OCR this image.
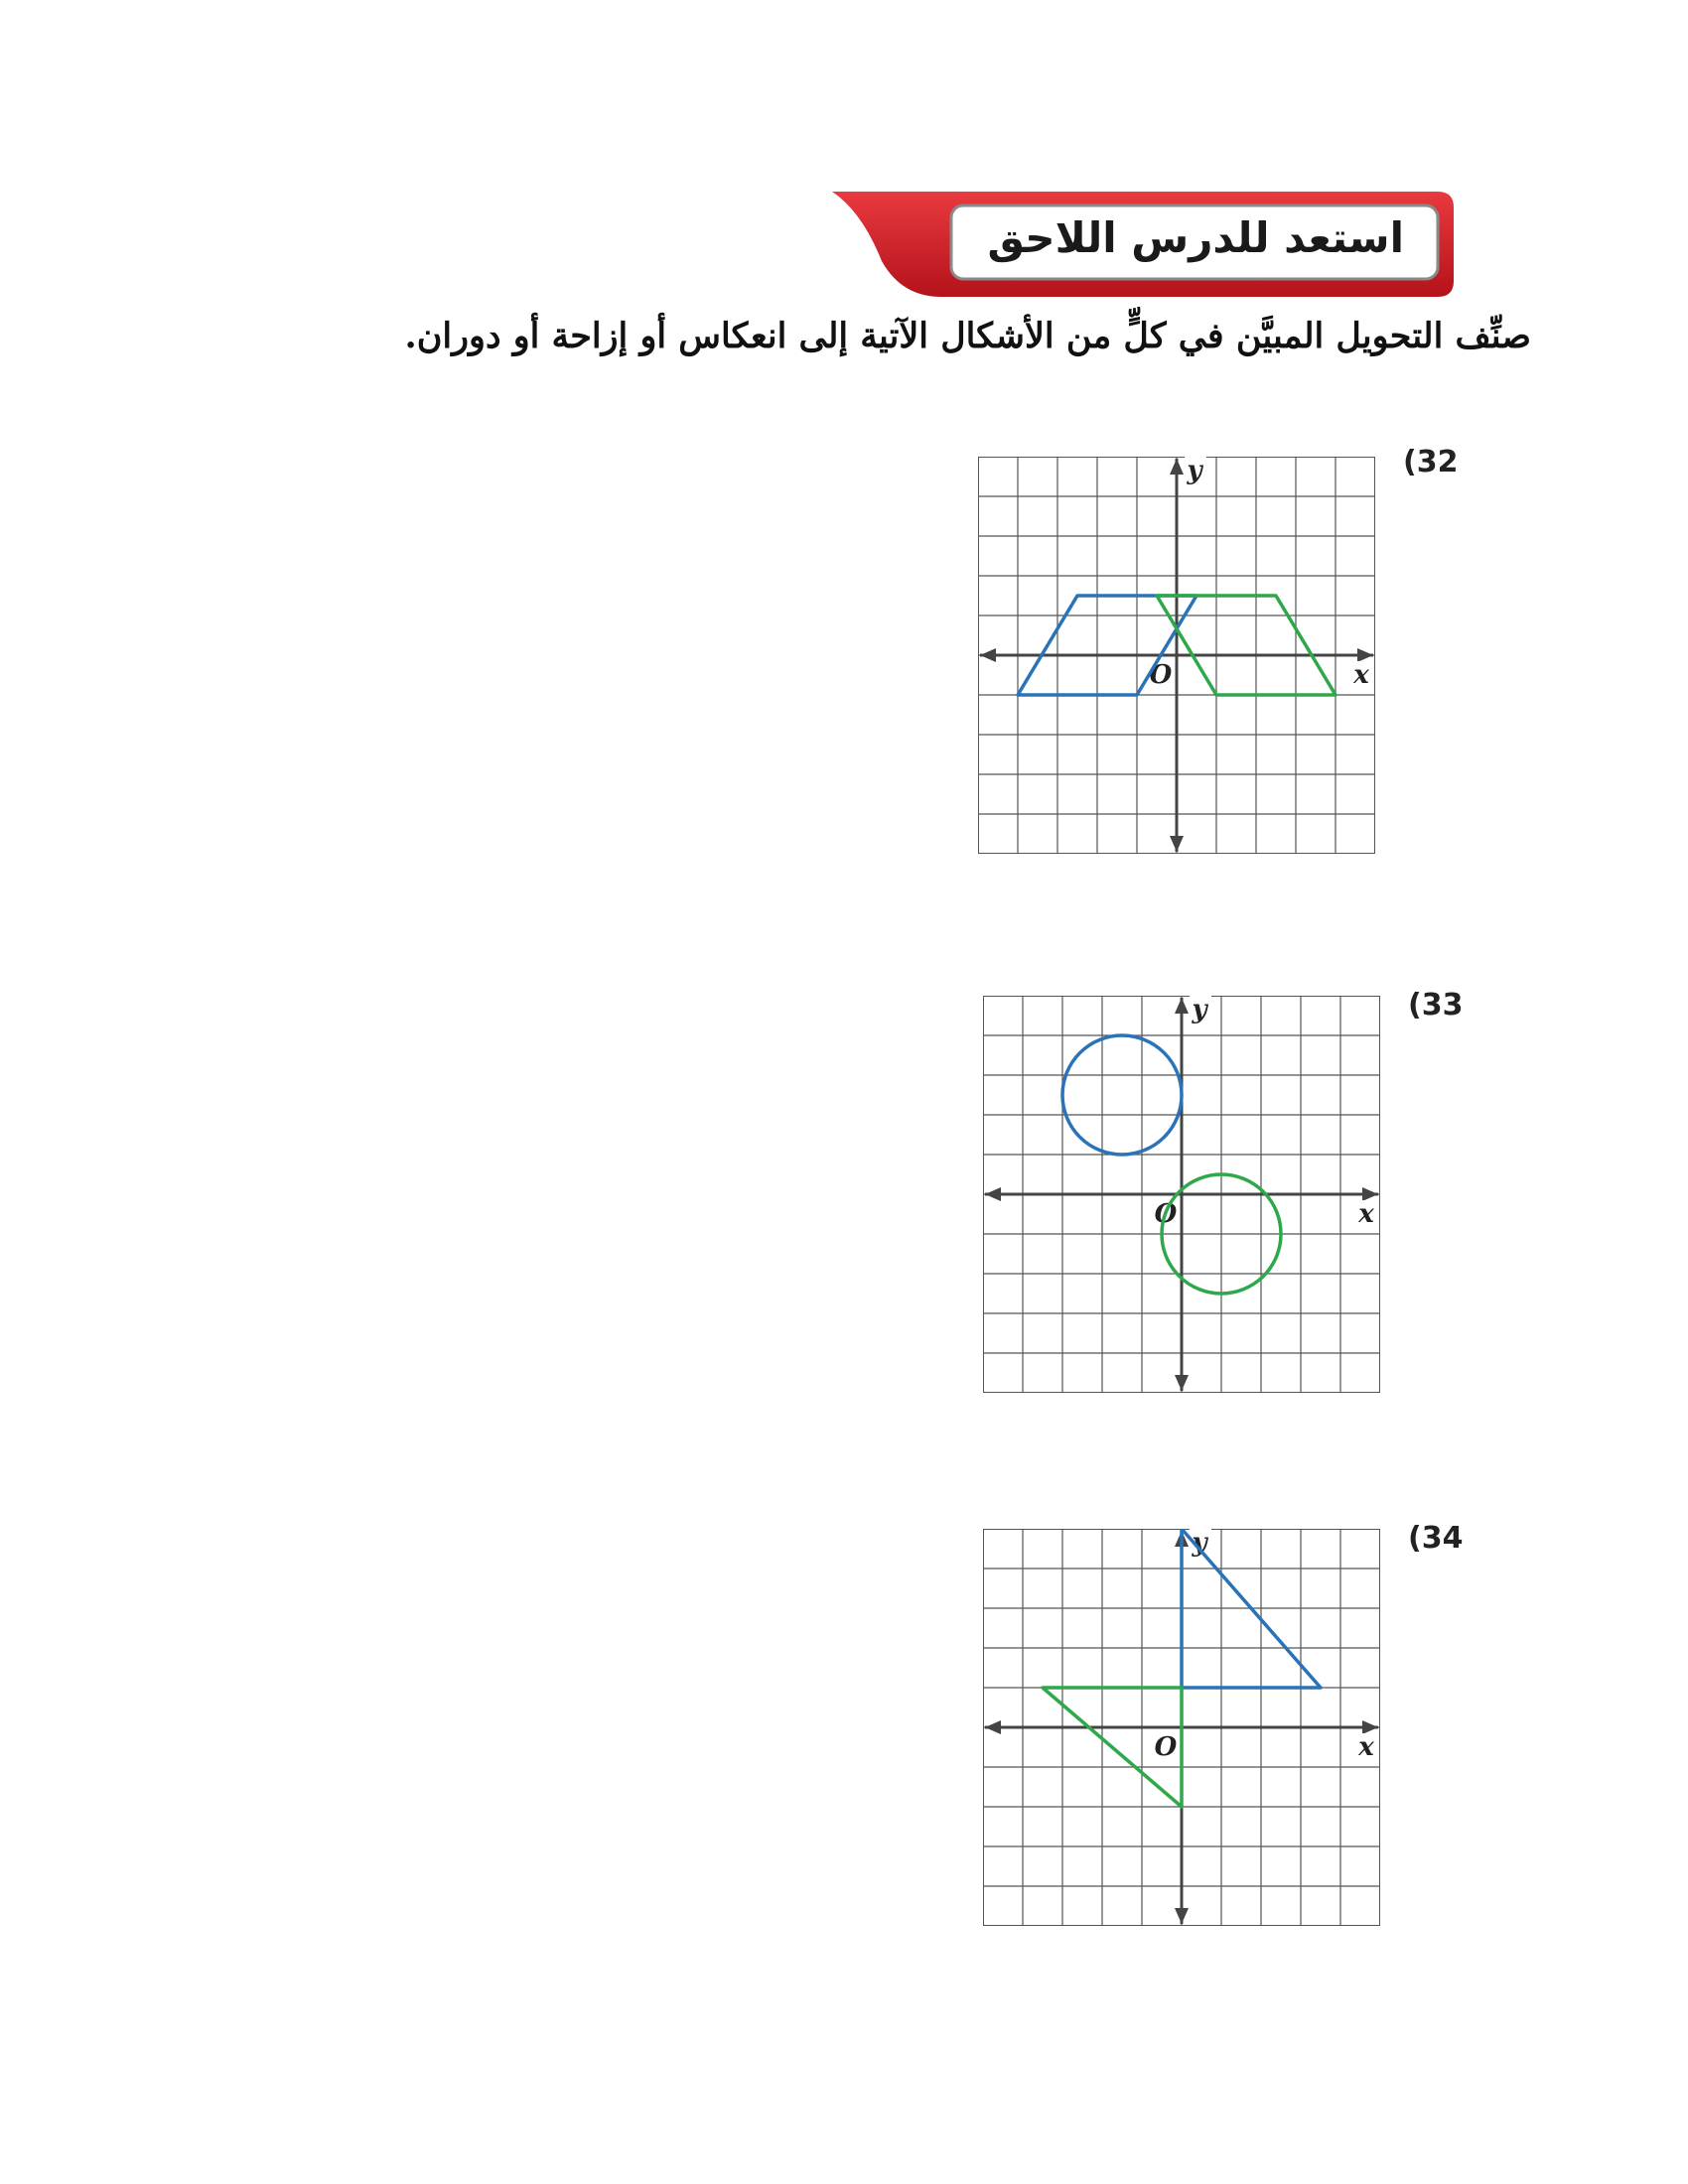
استعد للدرس اللاحق
صنِّف التحويل المبيَّن في كلٍّ من الأشكال الآتية إلى انعكاس أو إزاحة أو دوران.
(32
y
x
O
(33
y
x
O
(34
y
x
O
